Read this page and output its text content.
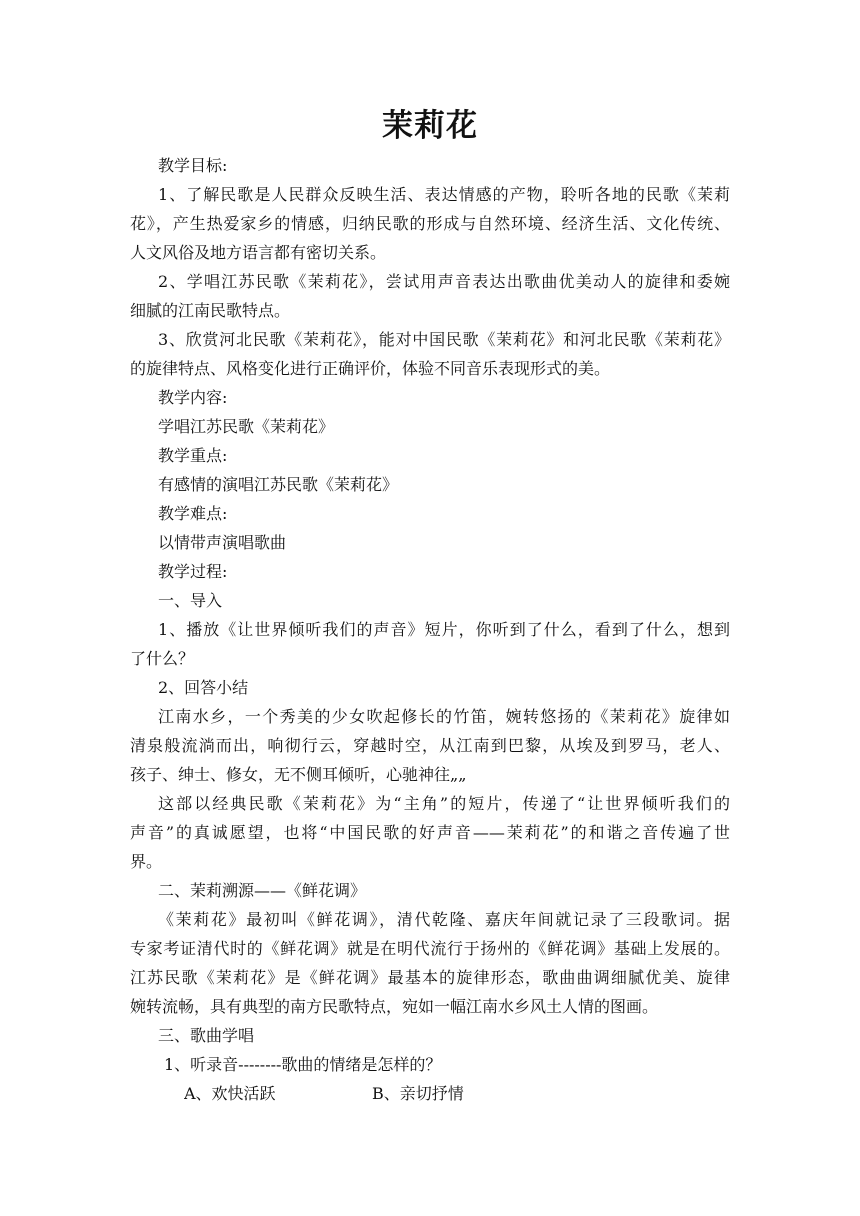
茉莉花
教学目标:
1、了解民歌是人民群众反映生活、表达情感的产物，聆听各地的民歌《茉莉
花》，产生热爱家乡的情感，归纳民歌的形成与自然环境、经济生活、文化传统、
人文风俗及地方语言都有密切关系。
2、学唱江苏民歌《茉莉花》，尝试用声音表达出歌曲优美动人的旋律和委婉
细腻的江南民歌特点。
3、欣赏河北民歌《茉莉花》，能对中国民歌《茉莉花》和河北民歌《茉莉花》
的旋律特点、风格变化进行正确评价，体验不同音乐表现形式的美。
教学内容:
学唱江苏民歌《茉莉花》
教学重点:
有感情的演唱江苏民歌《茉莉花》
教学难点:
以情带声演唱歌曲
教学过程:
一、导入
1、播放《让世界倾听我们的声音》短片，你听到了什么，看到了什么，想到
了什么？
2、回答小结
江南水乡，一个秀美的少女吹起修长的竹笛，婉转悠扬的《茉莉花》旋律如
清泉般流淌而出，响彻行云，穿越时空，从江南到巴黎，从埃及到罗马，老人、
孩子、绅士、修女，无不侧耳倾听，心驰神往„„
这部以经典民歌《茉莉花》为“主角”的短片，传递了“让世界倾听我们的
声音”的真诚愿望，也将“中国民歌的好声音——茉莉花”的和谐之音传遍了世
界。
二、茉莉溯源——《鲜花调》
《茉莉花》最初叫《鲜花调》，清代乾隆、嘉庆年间就记录了三段歌词。据
专家考证清代时的《鲜花调》就是在明代流行于扬州的《鲜花调》基础上发展的。
江苏民歌《茉莉花》是《鲜花调》最基本的旋律形态，歌曲曲调细腻优美、旋律
婉转流畅，具有典型的南方民歌特点，宛如一幅江南水乡风土人情的图画。
三、歌曲学唱
1、听录音--------歌曲的情绪是怎样的？
A、欢快活跃	B、亲切抒情
